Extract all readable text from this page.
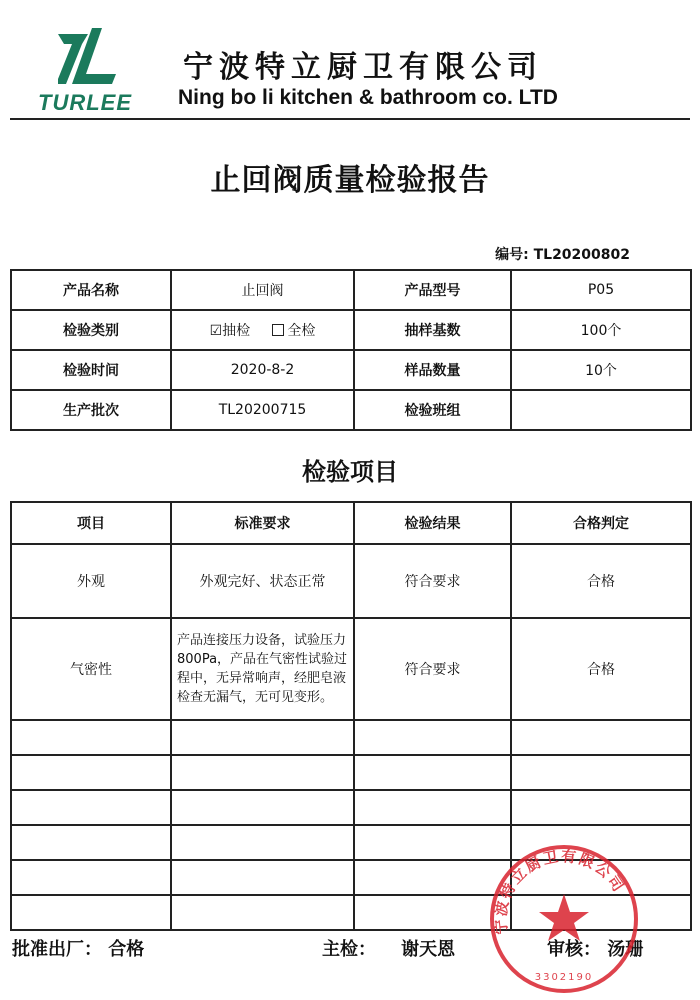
TURLEE
宁波特立厨卫有限公司
Ning bo li kitchen & bathroom co. LTD
止回阀质量检验报告
编号: TL20200802
产品名称	止回阀	产品型号	P05
检验类别	☑抽检 全检	抽样基数	100个
检验时间	2020-8-2	样品数量	10个
生产批次	TL20200715	检验班组	
检验项目
项目	标准要求	检验结果	合格判定
外观	外观完好、状态正常	符合要求	合格
气密性	产品连接压力设备，试验压力800Pa，产品在气密性试验过程中，无异常响声，经肥皂液检查无漏气，无可见变形。	符合要求	合格

批准出厂： 合格	主检： 谢天恩	审核： 汤珊
宁波特立厨卫有限公司
3302190
